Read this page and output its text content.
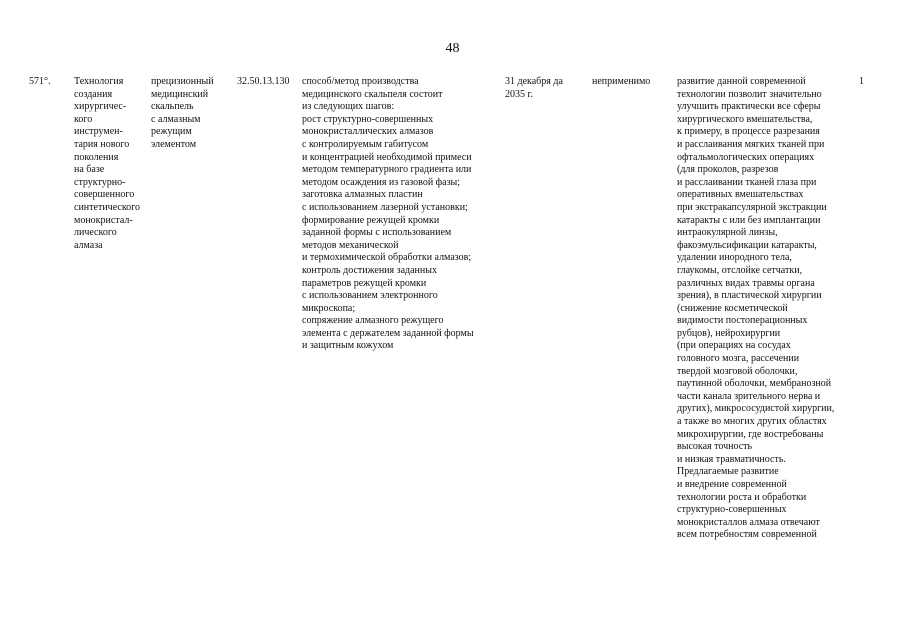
48
571°. Технология
создания
хирургичес-
кого
инструмен-
тария нового
поколения
на базе
структурно-
совершенного
синтетического
монокристал-
лического
алмаза
прецизионный
медицинский
скальпель
с алмазным
режущим
элементом
32.50.13.130 способ/метод производства
медицинского скальпеля состоит
из следующих шагов:
рост структурно-совершенных
монокристаллических алмазов
с контролируемым габитусом
и концентрацией необходимой примеси
методом температурного градиента или
методом осаждения из газовой фазы;
заготовка алмазных пластин
с использованием лазерной установки;
формирование режущей кромки
заданной формы с использованием
методов механической
и термохимической обработки алмазов;
контроль достижения заданных
параметров режущей кромки
с использованием электронного
микроскопа;
сопряжение алмазного режущего
элемента с держателем заданной формы
и защитным кожухом
31 декабря да
2035 г.
неприменимо	развитие данной современной
технологии позволит значительно
улучшить практически все сферы
хирургического вмешательства,
к примеру, в процессе разрезания
и расслаивания мягких тканей при
офтальмологических операциях
(для проколов, разрезов
и расслаивании тканей глаза при
оперативных вмешательствах
при экстракапсулярной экстракции
катаракты с или без имплантации
интраокулярной линзы,
факоэмульсификации катаракты,
удалении инородного тела,
глаукомы, отслойке сетчатки,
различных видах травмы органа
зрения), в пластической хирургии
(снижение косметической
видимости постоперационных
рубцов), нейрохирургии
(при операциях на сосудах
головного мозга, рассечении
твердой мозговой оболочки,
паутинной оболочки, мембранозной
части канала зрительного нерва и
других), микрососудистой хирургии,
а также во многих других областях
микрохирургии, где востребованы
высокая точность
и низкая травматичность.
Предлагаемые развитие
и внедрение современной
технологии роста и обработки
структурно-совершенных
монокристаллов алмаза отвечают
всем потребностям современной
1
